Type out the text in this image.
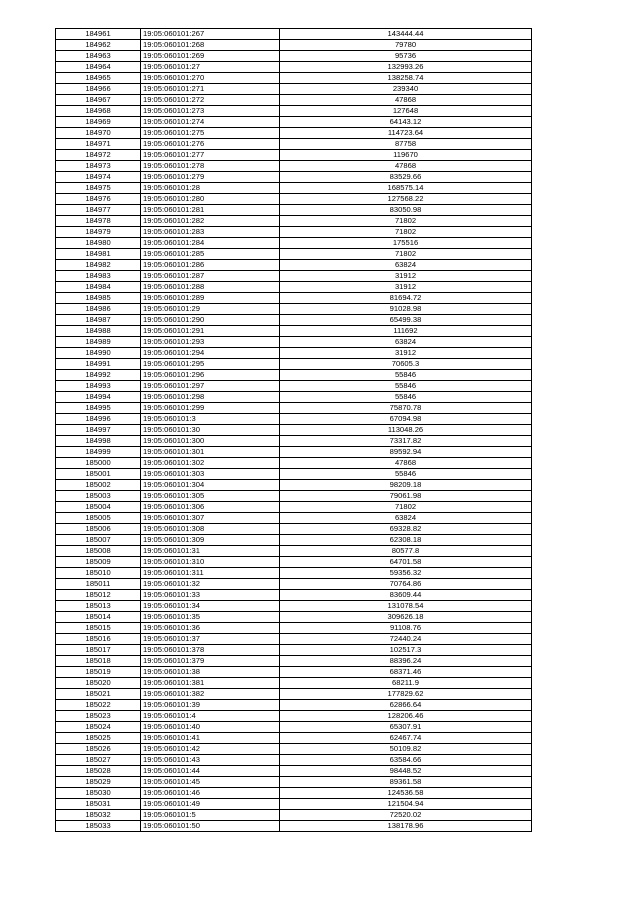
184961	19:05:060101:267	143444.44
184962	19:05:060101:268	79780
184963	19:05:060101:269	95736
184964	19:05:060101:27	132993.26
184965	19:05:060101:270	138258.74
184966	19:05:060101:271	239340
184967	19:05:060101:272	47868
184968	19:05:060101:273	127648
184969	19:05:060101:274	64143.12
184970	19:05:060101:275	114723.64
184971	19:05:060101:276	87758
184972	19:05:060101:277	119670
184973	19:05:060101:278	47868
184974	19:05:060101:279	83529.66
184975	19:05:060101:28	168575.14
184976	19:05:060101:280	127568.22
184977	19:05:060101:281	83050.98
184978	19:05:060101:282	71802
184979	19:05:060101:283	71802
184980	19:05:060101:284	175516
184981	19:05:060101:285	71802
184982	19:05:060101:286	63824
184983	19:05:060101:287	31912
184984	19:05:060101:288	31912
184985	19:05:060101:289	81694.72
184986	19:05:060101:29	91028.98
184987	19:05:060101:290	65499.38
184988	19:05:060101:291	111692
184989	19:05:060101:293	63824
184990	19:05:060101:294	31912
184991	19:05:060101:295	70605.3
184992	19:05:060101:296	55846
184993	19:05:060101:297	55846
184994	19:05:060101:298	55846
184995	19:05:060101:299	75870.78
184996	19:05:060101:3	67094.98
184997	19:05:060101:30	113048.26
184998	19:05:060101:300	73317.82
184999	19:05:060101:301	89592.94
185000	19:05:060101:302	47868
185001	19:05:060101:303	55846
185002	19:05:060101:304	98209.18
185003	19:05:060101:305	79061.98
185004	19:05:060101:306	71802
185005	19:05:060101:307	63824
185006	19:05:060101:308	69328.82
185007	19:05:060101:309	62308.18
185008	19:05:060101:31	80577.8
185009	19:05:060101:310	64701.58
185010	19:05:060101:311	59356.32
185011	19:05:060101:32	70764.86
185012	19:05:060101:33	83609.44
185013	19:05:060101:34	131078.54
185014	19:05:060101:35	309626.18
185015	19:05:060101:36	91108.76
185016	19:05:060101:37	72440.24
185017	19:05:060101:378	102517.3
185018	19:05:060101:379	88396.24
185019	19:05:060101:38	68371.46
185020	19:05:060101:381	68211.9
185021	19:05:060101:382	177829.62
185022	19:05:060101:39	62866.64
185023	19:05:060101:4	128206.46
185024	19:05:060101:40	65307.91
185025	19:05:060101:41	62467.74
185026	19:05:060101:42	50109.82
185027	19:05:060101:43	63584.66
185028	19:05:060101:44	98448.52
185029	19:05:060101:45	89361.58
185030	19:05:060101:46	124536.58
185031	19:05:060101:49	121504.94
185032	19:05:060101:5	72520.02
185033	19:05:060101:50	138178.96
